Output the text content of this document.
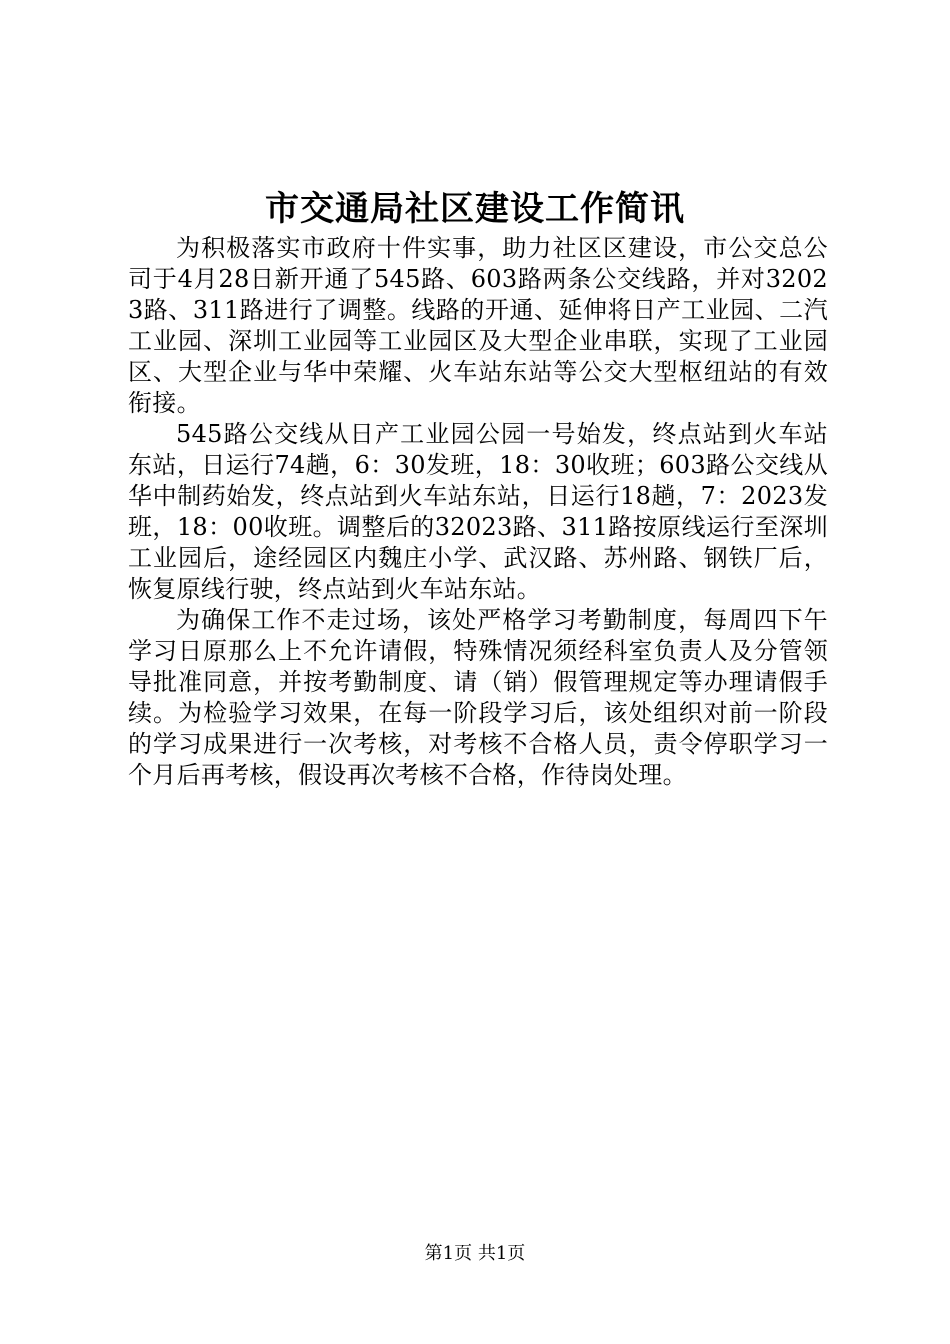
市交通局社区建设工作简讯

为积极落实市政府十件实事，助力社区区建设，市公交总公司于4月28日新开通了545路、603路两条公交线路，并对32023路、311路进行了调整。线路的开通、延伸将日产工业园、二汽工业园、深圳工业园等工业园区及大型企业串联，实现了工业园区、大型企业与华中荣耀、火车站东站等公交大型枢纽站的有效衔接。

545路公交线从日产工业园公园一号始发，终点站到火车站东站，日运行74趟，6：30发班，18：30收班；603路公交线从华中制药始发，终点站到火车站东站，日运行18趟，7：2023发班，18：00收班。调整后的32023路、311路按原线运行至深圳工业园后，途经园区内魏庄小学、武汉路、苏州路、钢铁厂后，恢复原线行驶，终点站到火车站东站。

为确保工作不走过场，该处严格学习考勤制度，每周四下午学习日原那么上不允许请假，特殊情况须经科室负责人及分管领导批准同意，并按考勤制度、请（销）假管理规定等办理请假手续。为检验学习效果，在每一阶段学习后，该处组织对前一阶段的学习成果进行一次考核，对考核不合格人员，责令停职学习一个月后再考核，假设再次考核不合格，作待岗处理。

第1页 共1页
